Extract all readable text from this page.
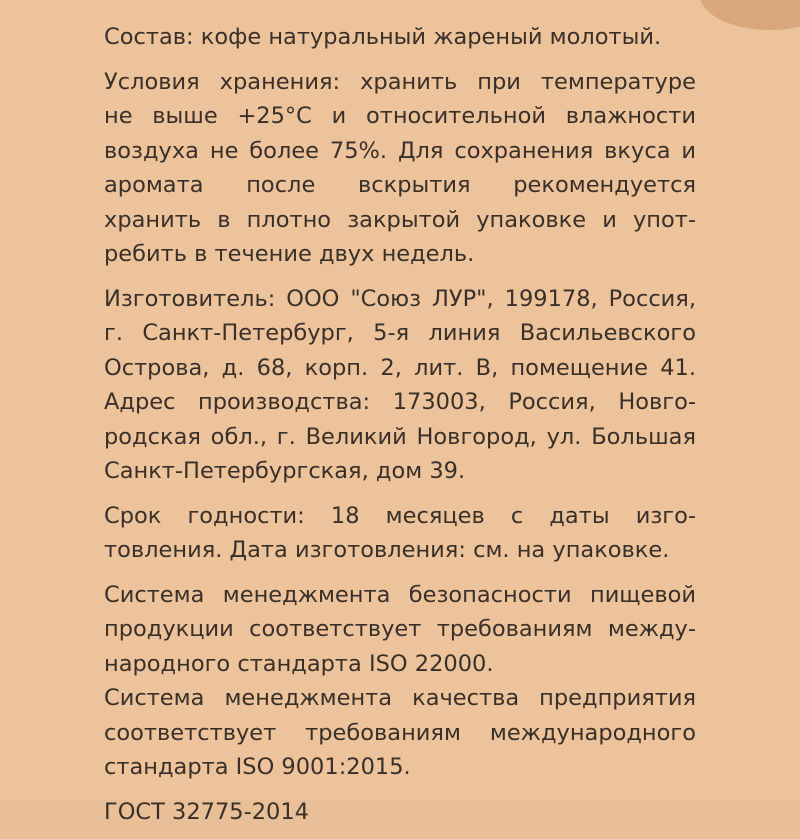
Состав: кофе натуральный жареный молотый.
Условия хранения: хранить при температуре
не выше +25°С и относительной влажности
воздуха не более 75%. Для сохранения вкуса и
аромата после вскрытия рекомендуется
хранить в плотно закрытой упаковке и упот-
ребить в течение двух недель.
Изготовитель: ООО "Союз ЛУР", 199178, Россия,
г. Санкт-Петербург, 5-я линия Васильевского
Острова, д. 68, корп. 2, лит. В, помещение 41.
Адрес производства: 173003, Россия, Новго-
родская обл., г. Великий Новгород, ул. Большая
Санкт-Петербургская, дом 39.
Срок годности: 18 месяцев с даты изго-
товления. Дата изготовления: см. на упаковке.
Система менеджмента безопасности пищевой
продукции соответствует требованиям между-
народного стандарта ISO 22000.
Система менеджмента качества предприятия
соответствует требованиям международного
стандарта ISO 9001:2015.
ГОСТ 32775-2014
